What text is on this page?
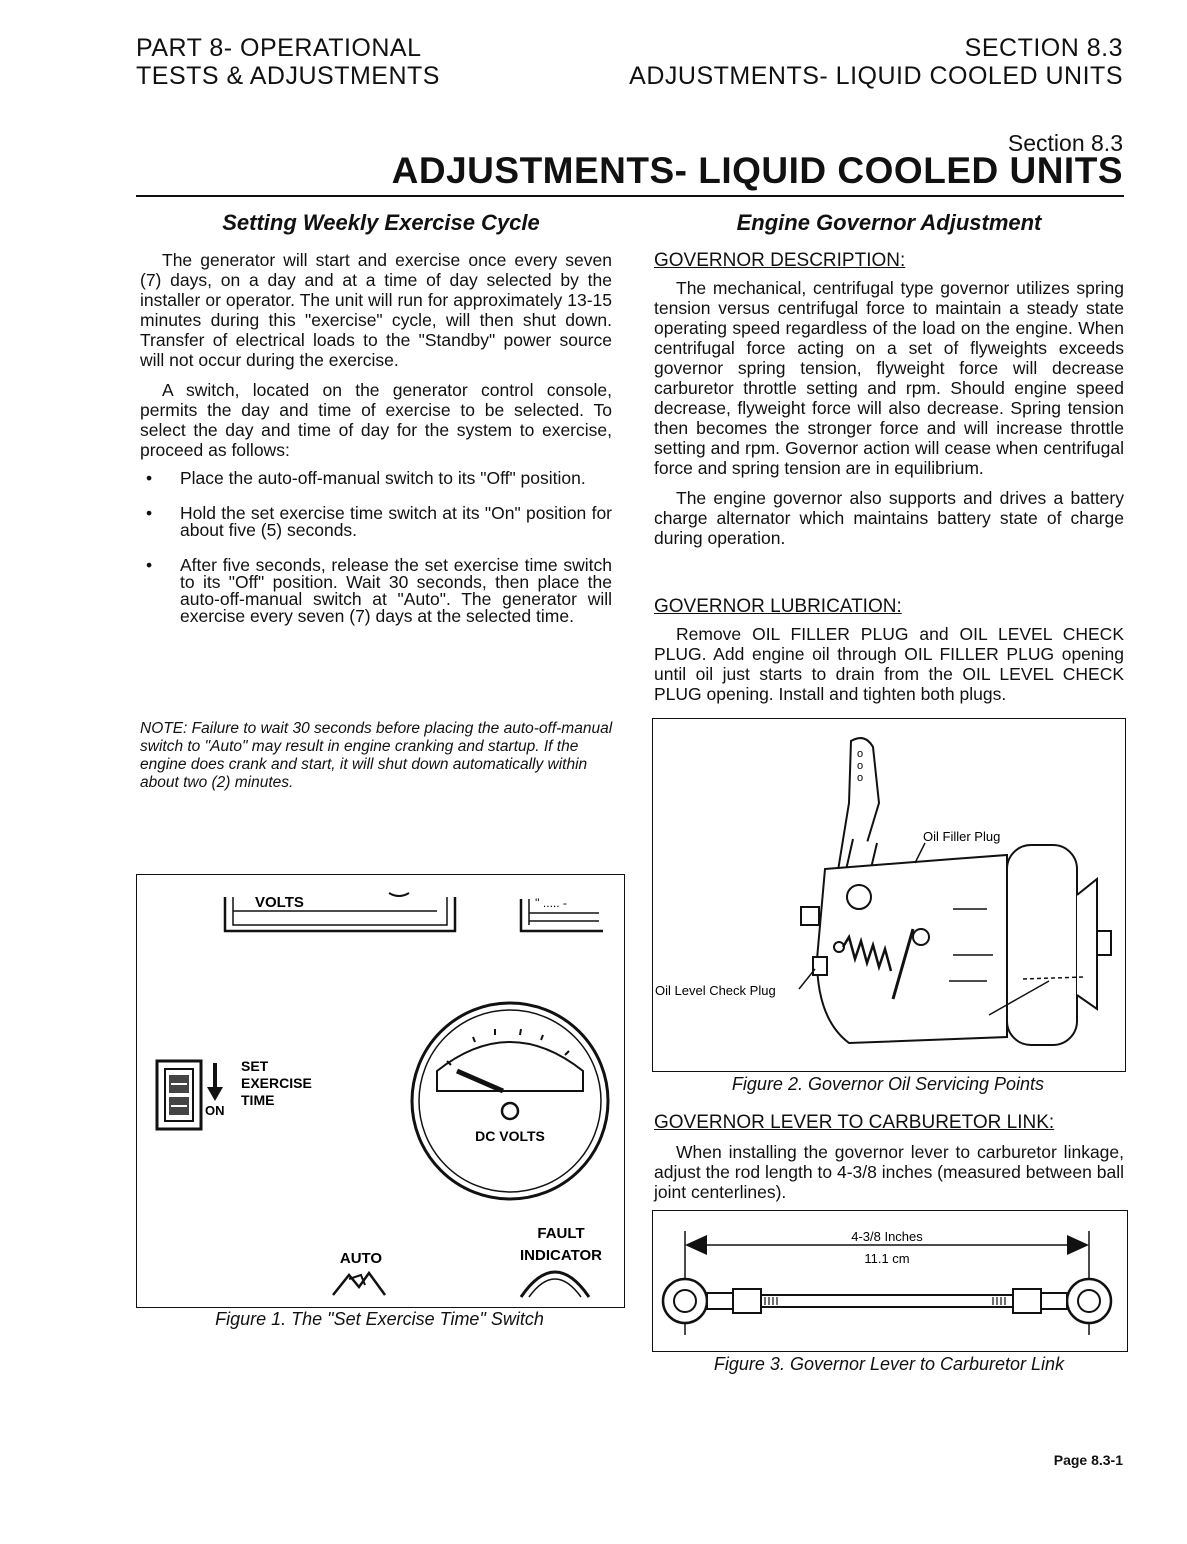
PART 8- OPERATIONAL
TESTS & ADJUSTMENTS
SECTION 8.3
ADJUSTMENTS- LIQUID COOLED UNITS
Section 8.3
ADJUSTMENTS- LIQUID COOLED UNITS
Setting Weekly Exercise Cycle

The generator will start and exercise once every seven (7) days, on a day and at a time of day selected by the installer or operator. The unit will run for approximately 13-15 minutes during this "exercise" cycle, will then shut down. Transfer of electrical loads to the "Standby" power source will not occur during the exercise.

A switch, located on the generator control console, permits the day and time of exercise to be selected. To select the day and time of day for the system to exercise, proceed as follows:

• Place the auto-off-manual switch to its "Off" position.
• Hold the set exercise time switch at its "On" position for about five (5) seconds.
• After five seconds, release the set exercise time switch to its "Off" position. Wait 30 seconds, then place the auto-off-manual switch at "Auto". The generator will exercise every seven (7) days at the selected time.
NOTE: Failure to wait 30 seconds before placing the auto-off-manual switch to "Auto" may result in engine cranking and startup. If the engine does crank and start, it will shut down automatically within about two (2) minutes.
VOLTS	'' ..... -
ON
SET
EXERCISE
TIME
DC VOLTS
AUTO
FAULT
INDICATOR
Figure 1. The "Set Exercise Time" Switch
Engine Governor Adjustment
GOVERNOR DESCRIPTION:

The mechanical, centrifugal type governor utilizes spring tension versus centrifugal force to maintain a steady state operating speed regardless of the load on the engine. When centrifugal force acting on a set of flyweights exceeds governor spring tension, flyweight force will decrease carburetor throttle setting and rpm. Should engine speed decrease, flyweight force will also decrease. Spring tension then becomes the stronger force and will increase throttle setting and rpm. Governor action will cease when centrifugal force and spring tension are in equilibrium.

The engine governor also supports and drives a battery charge alternator which maintains battery state of charge during operation.

GOVERNOR LUBRICATION:

Remove OIL FILLER PLUG and OIL LEVEL CHECK PLUG. Add engine oil through OIL FILLER PLUG opening until oil just starts to drain from the OIL LEVEL CHECK PLUG opening. Install and tighten both plugs.

o
o
o
Oil Filler Plug
Oil Level Check Plug
Figure 2. Governor Oil Servicing Points
GOVERNOR LEVER TO CARBURETOR LINK:

When installing the governor lever to carburetor linkage, adjust the rod length to 4-3/8 inches (measured between ball joint centerlines).

4-3/8 Inches
11.1 cm
Figure 3. Governor Lever to Carburetor Link
Page 8.3-1
